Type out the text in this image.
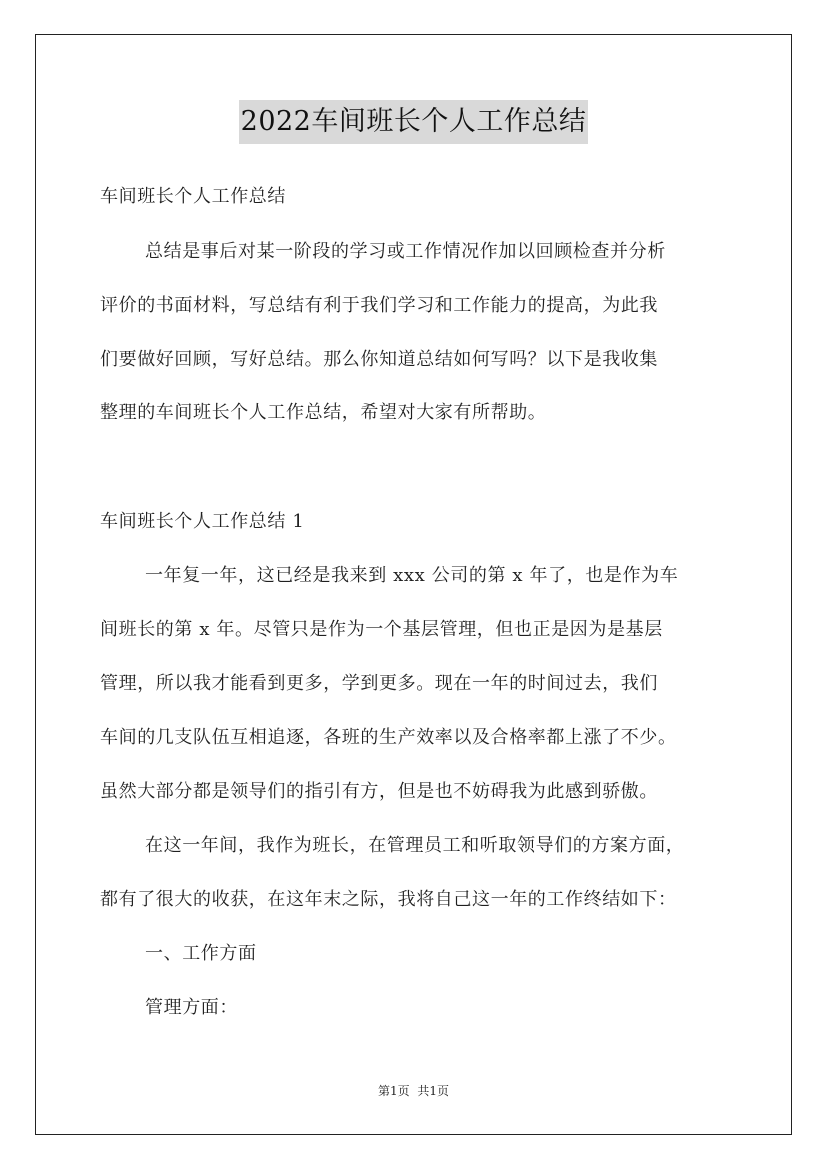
2022车间班长个人工作总结
车间班长个人工作总结
总结是事后对某一阶段的学习或工作情况作加以回顾检查并分析
评价的书面材料，写总结有利于我们学习和工作能力的提高，为此我
们要做好回顾，写好总结。那么你知道总结如何写吗？以下是我收集
整理的车间班长个人工作总结，希望对大家有所帮助。
车间班长个人工作总结 1
一年复一年，这已经是我来到 xxx 公司的第 x 年了，也是作为车
间班长的第 x 年。尽管只是作为一个基层管理，但也正是因为是基层
管理，所以我才能看到更多，学到更多。现在一年的时间过去，我们
车间的几支队伍互相追逐，各班的生产效率以及合格率都上涨了不少。
虽然大部分都是领导们的指引有方，但是也不妨碍我为此感到骄傲。
在这一年间，我作为班长，在管理员工和听取领导们的方案方面，
都有了很大的收获，在这年末之际，我将自己这一年的工作终结如下：
一、工作方面
管理方面：
第1页 共1页
